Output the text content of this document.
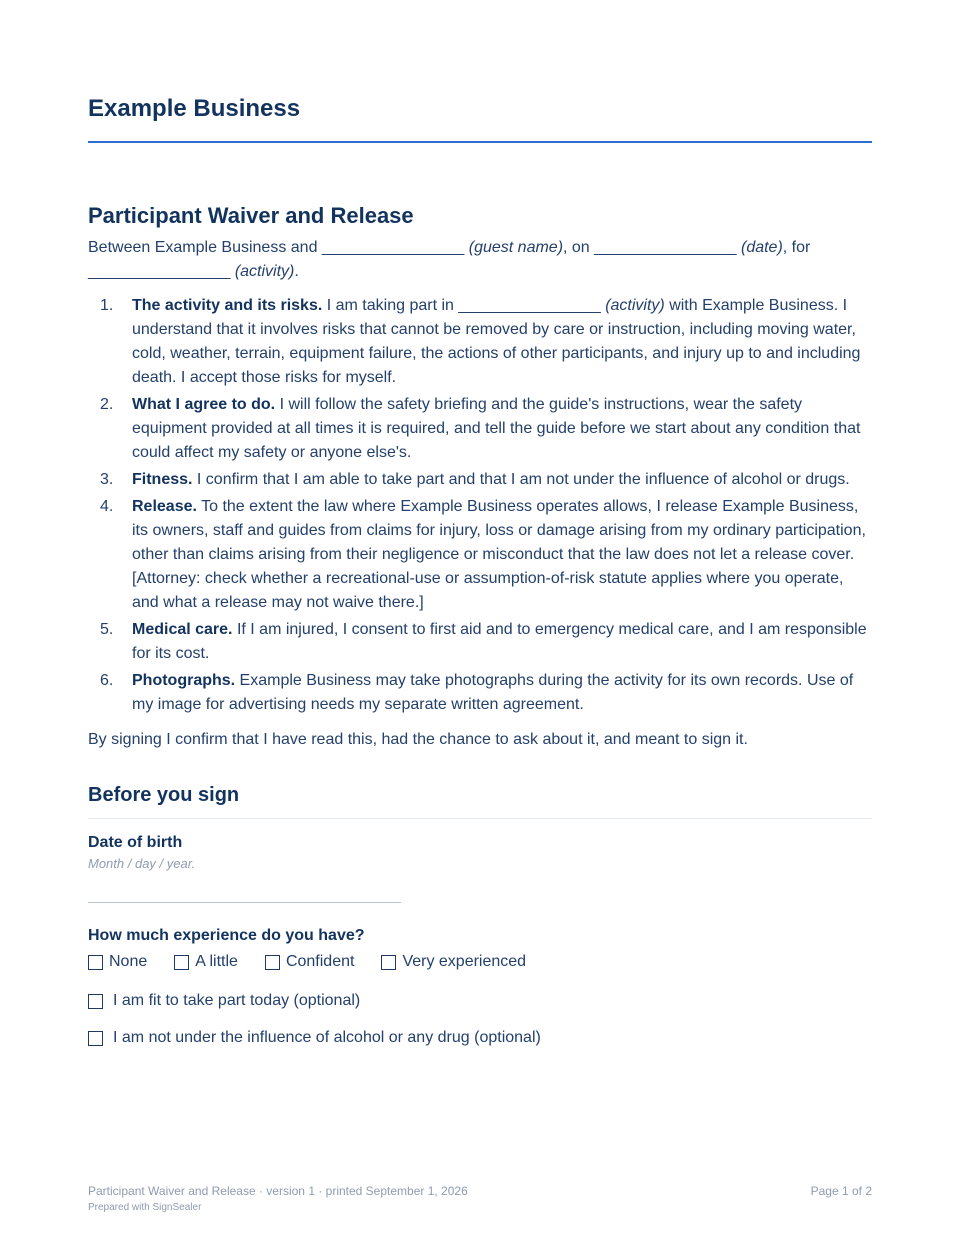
Example Business
Participant Waiver and Release

Between Example Business and ________________ (guest name), on ________________ (date), for
________________ (activity).

1. The activity and its risks. I am taking part in ________________ (activity) with Example Business. I understand that it involves risks that cannot be removed by care or instruction, including moving water, cold, weather, terrain, equipment failure, the actions of other participants, and injury up to and including death. I accept those risks for myself.
2. What I agree to do. I will follow the safety briefing and the guide's instructions, wear the safety equipment provided at all times it is required, and tell the guide before we start about any condition that could affect my safety or anyone else's.
3. Fitness. I confirm that I am able to take part and that I am not under the influence of alcohol or drugs.
4. Release. To the extent the law where Example Business operates allows, I release Example Business, its owners, staff and guides from claims for injury, loss or damage arising from my ordinary participation, other than claims arising from their negligence or misconduct that the law does not let a release cover. [Attorney: check whether a recreational-use or assumption-of-risk statute applies where you operate, and what a release may not waive there.]
5. Medical care. If I am injured, I consent to first aid and to emergency medical care, and I am responsible for its cost.
6. Photographs. Example Business may take photographs during the activity for its own records. Use of my image for advertising needs my separate written agreement.

By signing I confirm that I have read this, had the chance to ask about it, and meant to sign it.

Before you sign
Date of birth
Month / day / year.
How much experience do you have?
None	A little	Confident	Very experienced
I am fit to take part today (optional)
I am not under the influence of alcohol or any drug (optional)
Participant Waiver and Release · version 1 · printed September 1, 2026
Prepared with SignSealer
Page 1 of 2
